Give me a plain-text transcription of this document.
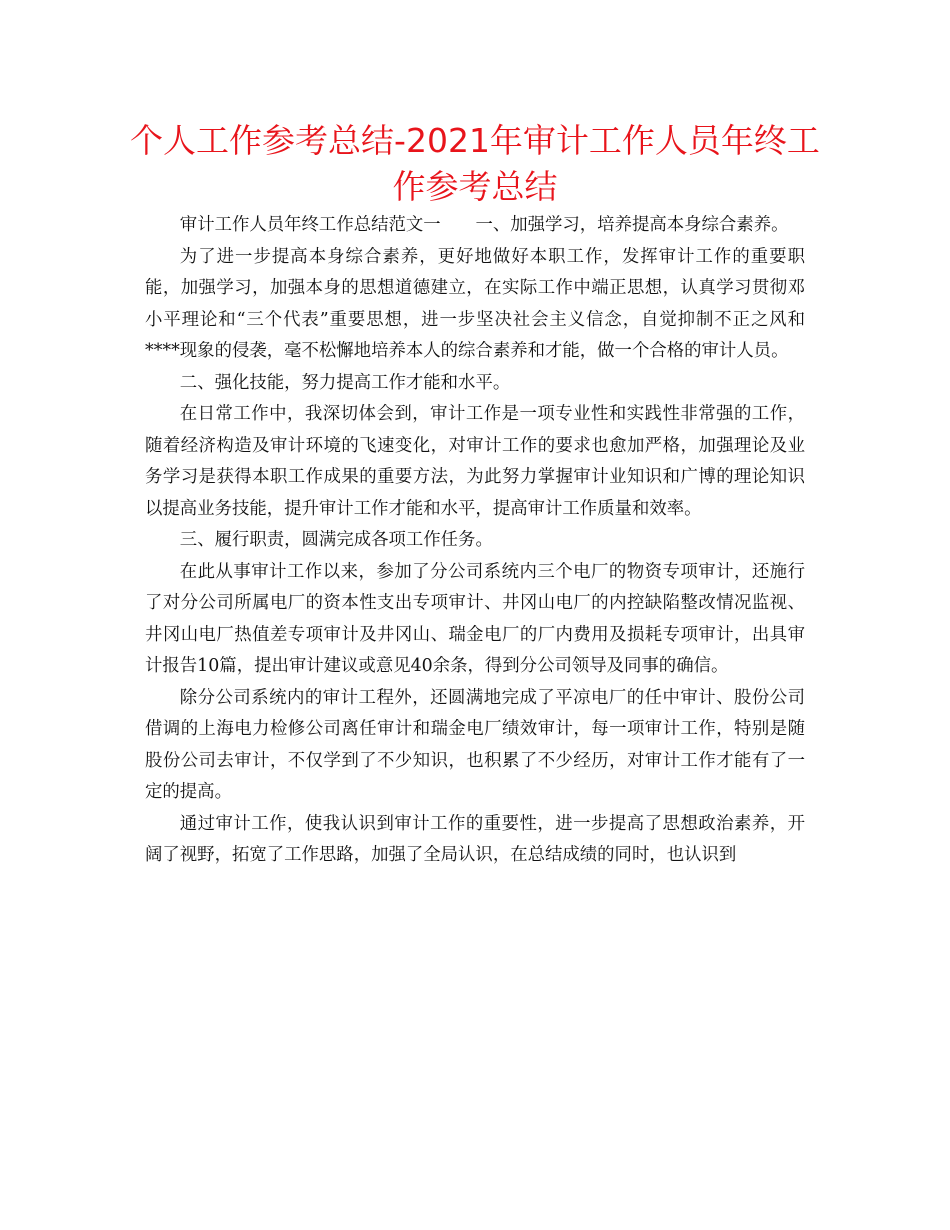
个人工作参考总结-2021年审计工作人员年终工作参考总结

审计工作人员年终工作总结范文一　　一、加强学习，培养提高本身综合素养。

为了进一步提高本身综合素养，更好地做好本职工作，发挥审计工作的重要职能，加强学习，加强本身的思想道德建立，在实际工作中端正思想，认真学习贯彻邓小平理论和“三个代表”重要思想，进一步坚决社会主义信念，自觉抑制不正之风和****现象的侵袭，毫不松懈地培养本人的综合素养和才能，做一个合格的审计人员。

二、强化技能，努力提高工作才能和水平。

在日常工作中，我深切体会到，审计工作是一项专业性和实践性非常强的工作，随着经济构造及审计环境的飞速变化，对审计工作的要求也愈加严格，加强理论及业务学习是获得本职工作成果的重要方法，为此努力掌握审计业知识和广博的理论知识以提高业务技能，提升审计工作才能和水平，提高审计工作质量和效率。

三、履行职责，圆满完成各项工作任务。

在此从事审计工作以来，参加了分公司系统内三个电厂的物资专项审计，还施行了对分公司所属电厂的资本性支出专项审计、井冈山电厂的内控缺陷整改情况监视、井冈山电厂热值差专项审计及井冈山、瑞金电厂的厂内费用及损耗专项审计，出具审计报告10篇，提出审计建议或意见40余条，得到分公司领导及同事的确信。

除分公司系统内的审计工程外，还圆满地完成了平凉电厂的任中审计、股份公司借调的上海电力检修公司离任审计和瑞金电厂绩效审计，每一项审计工作，特别是随股份公司去审计，不仅学到了不少知识，也积累了不少经历，对审计工作才能有了一定的提高。

通过审计工作，使我认识到审计工作的重要性，进一步提高了思想政治素养，开阔了视野，拓宽了工作思路，加强了全局认识，在总结成绩的同时，也认识到
